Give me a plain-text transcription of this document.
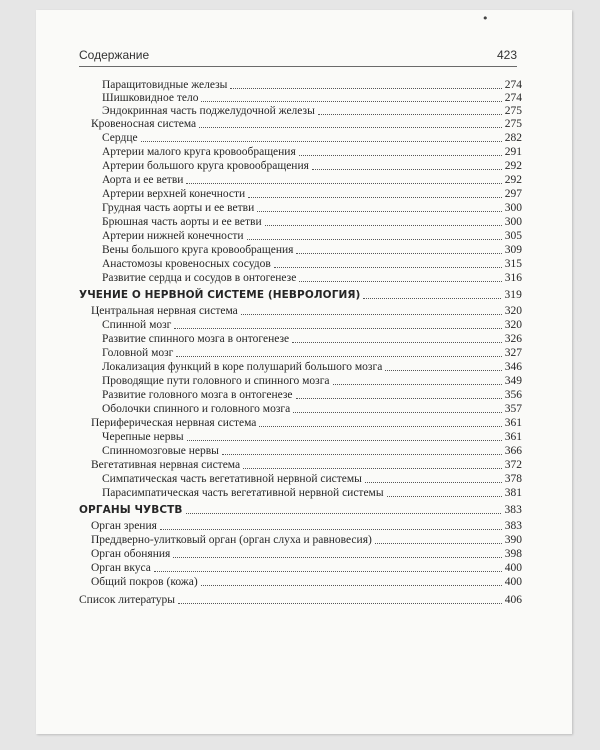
•
Содержание	423
Паращитовидные железы	274
Шишковидное тело	274
Эндокринная часть поджелудочной железы	275
Кровеносная система	275
Сердце	282
Артерии малого круга кровообращения	291
Артерии большого круга кровообращения	292
Аорта и ее ветви	292
Артерии верхней конечности	297
Грудная часть аорты и ее ветви	300
Брюшная часть аорты и ее ветви	300
Артерии нижней конечности	305
Вены большого круга кровообращения	309
Анастомозы кровеносных сосудов	315
Развитие сердца и сосудов в онтогенезе	316
УЧЕНИЕ О НЕРВНОЙ СИСТЕМЕ (НЕВРОЛОГИЯ)	319
Центральная нервная система	320
Спинной мозг	320
Развитие спинного мозга в онтогенезе	326
Головной мозг	327
Локализация функций в коре полушарий большого мозга	346
Проводящие пути головного и спинного мозга	349
Развитие головного мозга в онтогенезе	356
Оболочки спинного и головного мозга	357
Периферическая нервная система	361
Черепные нервы	361
Спинномозговые нервы	366
Вегетативная нервная система	372
Симпатическая часть вегетативной нервной системы	378
Парасимпатическая часть вегетативной нервной системы	381
ОРГАНЫ ЧУВСТВ	383
Орган зрения	383
Преддверно-улитковый орган (орган слуха и равновесия)	390
Орган обоняния	398
Орган вкуса	400
Общий покров (кожа)	400
Список литературы	406
